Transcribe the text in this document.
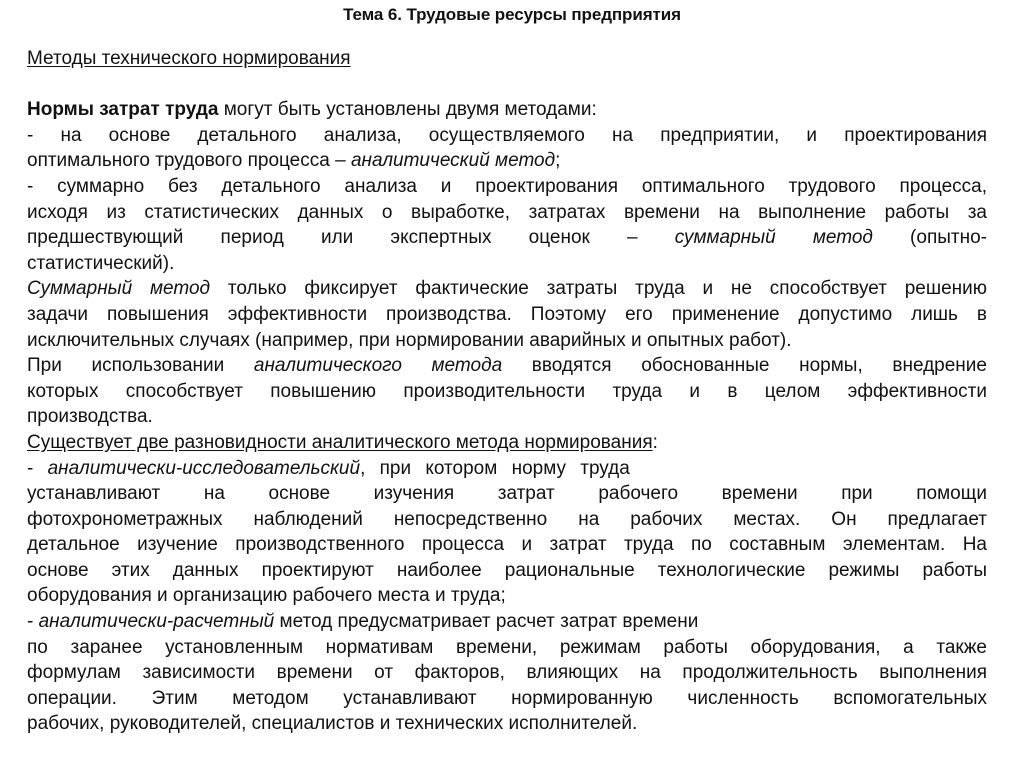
Тема 6. Трудовые ресурсы предприятия
Методы технического нормирования
Нормы затрат труда могут быть установлены двумя методами:
- на основе детального анализа, осуществляемого на предприятии, и проектирования
оптимального трудового процесса – аналитический метод;
- суммарно без детального анализа и проектирования оптимального трудового процесса,
исходя из статистических данных о выработке, затратах времени на выполнение работы за
предшествующий период или экспертных оценок – суммарный метод (опытно-
статистический).
Суммарный метод только фиксирует фактические затраты труда и не способствует решению
задачи повышения эффективности производства. Поэтому его применение допустимо лишь в
исключительных случаях (например, при нормировании аварийных и опытных работ).
При использовании аналитического метода вводятся обоснованные нормы, внедрение
которых способствует повышению производительности труда и в целом эффективности
производства.
Существует две разновидности аналитического метода нормирования:
- аналитически-исследовательский, при котором норму труда
устанавливают на основе изучения затрат рабочего времени при помощи
фотохронометражных наблюдений непосредственно на рабочих местах. Он предлагает
детальное изучение производственного процесса и затрат труда по составным элементам. На
основе этих данных проектируют наиболее рациональные технологические режимы работы
оборудования и организацию рабочего места и труда;
- аналитически-расчетный метод предусматривает расчет затрат времени
по заранее установленным нормативам времени, режимам работы оборудования, а также
формулам зависимости времени от факторов, влияющих на продолжительность выполнения
операции. Этим методом устанавливают нормированную численность вспомогательных
рабочих, руководителей, специалистов и технических исполнителей.
